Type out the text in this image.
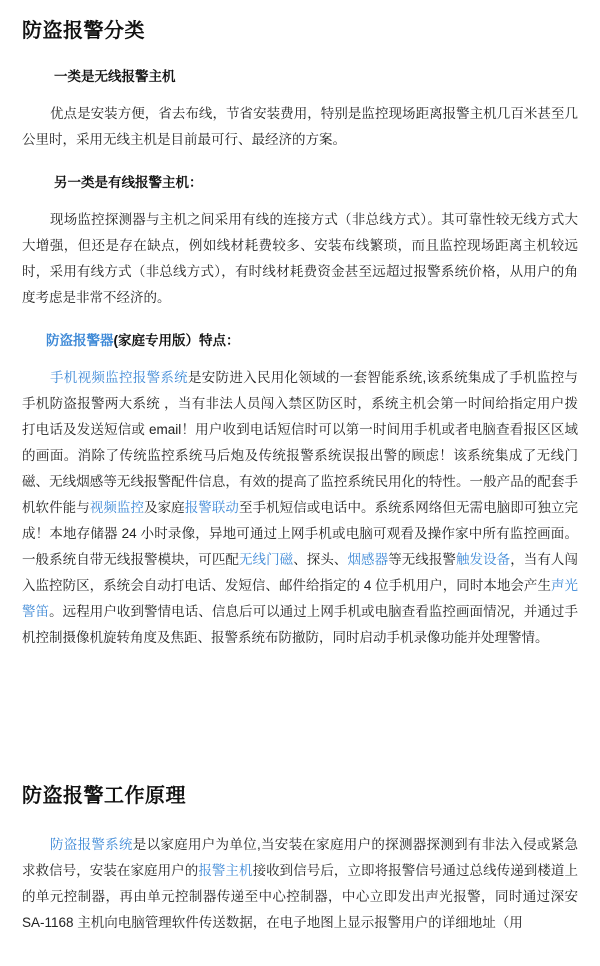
防盗报警分类
一类是无线报警主机

优点是安装方便，省去布线，节省安装费用，特别是监控现场距离报警主机几百米甚至几公里时，采用无线主机是目前最可行、最经济的方案。

另一类是有线报警主机：

现场监控探测器与主机之间采用有线的连接方式（非总线方式）。其可靠性较无线方式大大增强，但还是存在缺点，例如线材耗费较多、安装布线繁琐，而且监控现场距离主机较远时，采用有线方式（非总线方式），有时线材耗费资金甚至远超过报警系统价格，从用户的角度考虑是非常不经济的。

防盗报警器(家庭专用版）特点：

手机视频监控报警系统是安防进入民用化领域的一套智能系统,该系统集成了手机监控与手机防盗报警两大系统 ，当有非法人员闯入禁区防区时，系统主机会第一时间给指定用户拨打电话及发送短信或 email！用户收到电话短信时可以第一时间用手机或者电脑查看报区区域的画面。消除了传统监控系统马后炮及传统报警系统误报出警的顾虑！该系统集成了无线门磁、无线烟感等无线报警配件信息，有效的提高了监控系统民用化的特性。一般产品的配套手机软件能与视频监控及家庭报警联动至手机短信或电话中。系统系网络但无需电脑即可独立完成！本地存储器 24 小时录像，异地可通过上网手机或电脑可观看及操作家中所有监控画面。一般系统自带无线报警模块，可匹配无线门磁、探头、烟感器等无线报警触发设备，当有人闯入监控防区，系统会自动打电话、发短信、邮件给指定的 4 位手机用户，同时本地会产生声光警笛。远程用户收到警情电话、信息后可以通过上网手机或电脑查看监控画面情况，并通过手机控制摄像机旋转角度及焦距、报警系统布防撤防，同时启动手机录像功能并处理警情。

防盗报警工作原理

防盗报警系统是以家庭用户为单位,当安装在家庭用户的探测器探测到有非法入侵或紧急求救信号，安装在家庭用户的报警主机接收到信号后，立即将报警信号通过总线传递到楼道上的单元控制器，再由单元控制器传递至中心控制器，中心立即发出声光报警，同时通过深安 SA-1168 主机向电脑管理软件传送数据，在电子地图上显示报警用户的详细地址（用
